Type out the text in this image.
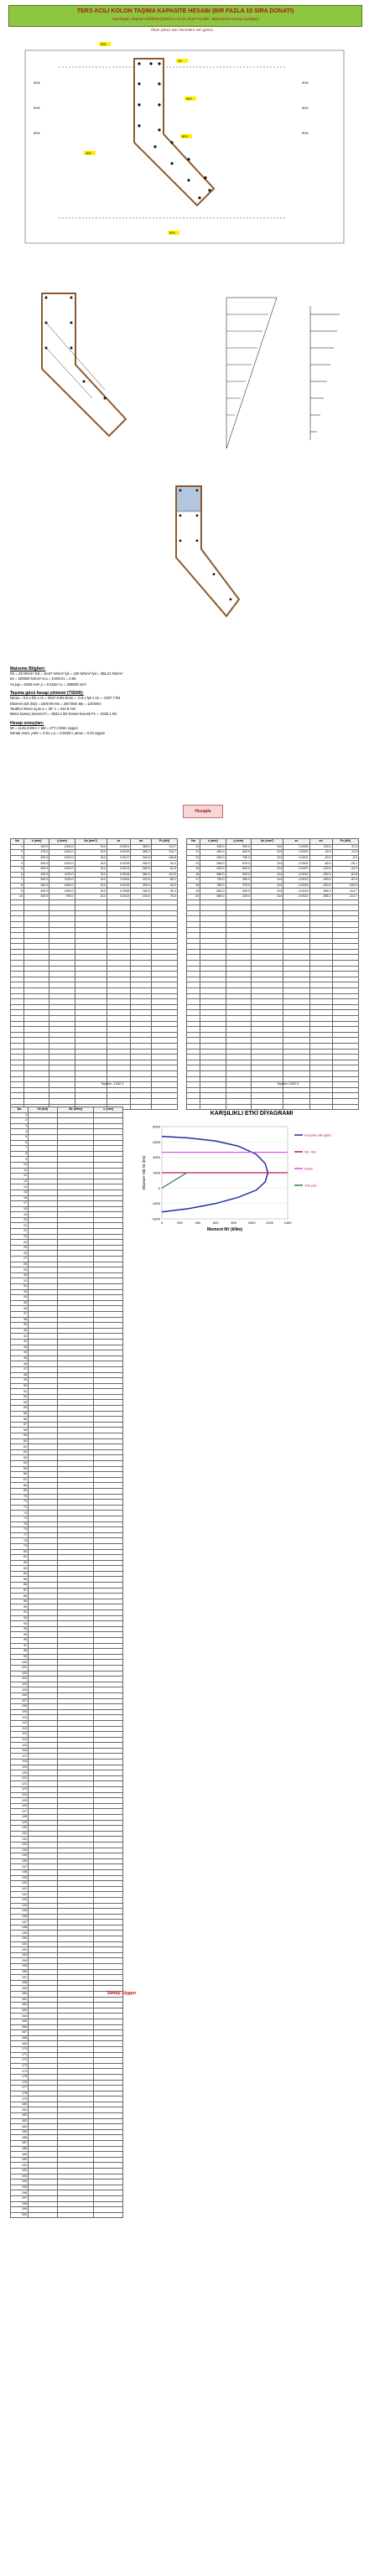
TERS ACILI KOLON TAŞIMA KAPASİTE HESABI (BIR FAZLA 10 SIRA DONATI)
Hazırlayan: Bayram BÖRÜKÇÜOĞLU 10.01.2018 TS 500 - Betonarme Hesap Çizelgesi
Ölçü! yalnız sarı hücrelere veri giriniz.
300
45
500
600
400
900
Ø16
Ø16
Ø16
Ø16
Ø16
Ø16
Malzeme Bilgileri:
fck = 25 N/mm² fcd = 16.67 N/mm² fyk = 420 N/mm² fyd = 365.22 N/mm²
Es = 200000 N/mm² εcu = 0.003 k1 = 0.85
As,top = 6158 mm² ρ = 0.0183 Ac = 336500 mm²
Taşıma gücü hesap yöntemi (TS500):
Nmax = 0.6 x fck x Ac = 5047.5 kN Nmin = -0.9 x fyk x As = -2327.7 kN
Eksenel yük (Nd) = 1500 kN Mx = 250 kNm My = 120 kNm
Tarafsız eksen açısı α = 45° c = 412.6 mm
Beton basınç kuvveti Fc = 3842.1 kN Donatı kuvveti Fs = -2342.1 kN
Hesap sonuçları:
Mr = 1125.3 kNm > Md = 277.3 kNm Uygun
Donatı oranı: ρmin = 0.01 ≤ ρ = 0.0183 ≤ ρmax = 0.04 Uygun
Hesapla
No	x (mm)	y (mm)	As (mm²)	εs	σs	Fs (kN)
1	100.0	1200.0	314	0.0021	365.2	114.7
2	175.0	1200.0	314	0.0019	365.2	114.7
3	250.0	1200.0	314	0.0017	340.0	106.8
4	325.0	1200.0	314	0.0015	300.0	94.2
5	400.0	1200.0	314	0.0013	260.0	81.6
6	100.0	1125.0	314	0.0018	360.0	113.0
7	400.0	1125.0	314	0.0011	220.0	69.1
8	100.0	1050.0	314	0.0015	300.0	94.2
9	400.0	1050.0	314	0.0008	160.0	50.2
10	100.0	975.0	314	0.0012	240.0	75.4

No	x (mm)	y (mm)	As (mm²)	εs	σs	Fs (kN)
11	430.0	900.0	314	0.0005	100.0	31.4
12	480.0	825.0	314	0.0002	40.0	12.6
13	530.0	750.0	314	-0.0001	-20.0	-6.3
14	580.0	675.0	314	-0.0004	-80.0	-25.1
15	630.0	600.0	314	-0.0007	-140.0	-44.0
16	680.0	525.0	314	-0.0010	-200.0	-62.8
17	730.0	450.0	314	-0.0013	-260.0	-81.6
18	780.0	375.0	314	-0.0016	-320.0	-100.5
19	830.0	300.0	314	-0.0019	-365.2	-114.7
20	880.0	225.0	314	-0.0021	-365.2	-114.7

Toplam -1342.1	Toplam 1125.3
KARŞILIKLI ETKİ DİYAGRAMI
-3000
-1500
0
1500
3000
4500
6000
0	200	400	600	800	1000	1200	1400
Moment Mr (kNm)
Eksenel Yük Nr (kN)
Karşılıklı etki eğrisi
Nd - Md
Nmax
Yük yolu
No	Nr (kN)	Mr (kNm)	c (mm)
1			
2			
3			
4			
5			
6			
7			
8			
9			
10			
11			
12			
13			
14			
15			
16			
17			
18			
19			
20			
21			
22			
23			
24			
25			
26			
27			
28			
29			
30			
31			
32			
33			
34			
35			
36			
37			
38			
39			
40			
41			
42			
43			
44			
45			
46			
47			
48			
49			
50			
51			
52			
53			
54			
55			
56			
57			
58			
59			
60			
61			
62			
63			
64			
65			
66			
67			
68			
69			
70			
71			
72			
73			
74			
75			
76			
77			
78			
79			
80			
81			
82			
83			
84			
85			
86			
87			
88			
89			
90			
91			
92			
93			
94			
95			
96			
97			
98			
99			
100			
101			
102			
103			
104			
105			
106			
107			
108			
109			
110			
111			
112			
113			
114			
115			
116			
117			
118			
119			
120			
121			
122			
123			
124			
125			
126			
127			
128			
129			
130			
131			
132			
133			
134			
135			
136			
137			
138			
139			
140			
141			
142			
143			
144			
145			
146			
147			
148			
149			
150			
151			
152			
153			
154			
155			
156			
157			
158			
159			
160			
161			
162			
163			
164			
165			
166			
167			
168			
169			
170			
171			
172			
173			
174			
175			
176			
177			
178			
179			
180			
181			
182			
183			
184			
185			
186			
187			
188			
189			
190			
191			
192			
193			
194			
195			
196			
197			
198			
199			
200			
Sonuç: Uygun
